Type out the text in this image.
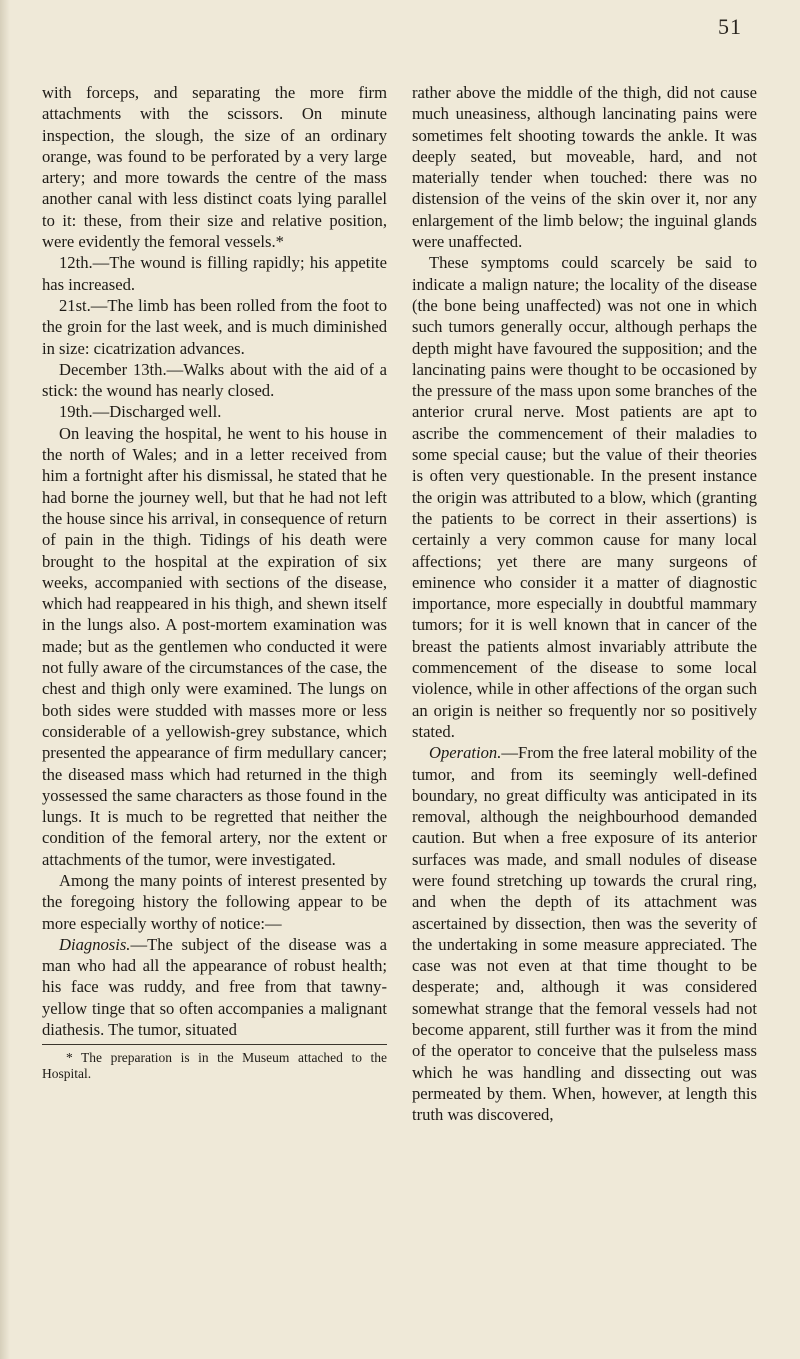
51

with forceps, and separating the more firm attachments with the scissors. On minute inspection, the slough, the size of an ordinary orange, was found to be perforated by a very large artery; and more towards the centre of the mass another canal with less distinct coats lying parallel to it: these, from their size and relative position, were evidently the femoral vessels.*

12th.—The wound is filling rapidly; his appetite has increased.

21st.—The limb has been rolled from the foot to the groin for the last week, and is much diminished in size: cicatrization advances.

December 13th.—Walks about with the aid of a stick: the wound has nearly closed.

19th.—Discharged well.

On leaving the hospital, he went to his house in the north of Wales; and in a letter received from him a fortnight after his dismissal, he stated that he had borne the journey well, but that he had not left the house since his arrival, in consequence of return of pain in the thigh. Tidings of his death were brought to the hospital at the expiration of six weeks, accompanied with sections of the disease, which had reappeared in his thigh, and shewn itself in the lungs also. A post-mortem examination was made; but as the gentlemen who conducted it were not fully aware of the circumstances of the case, the chest and thigh only were examined. The lungs on both sides were studded with masses more or less considerable of a yellowish-grey substance, which presented the appearance of firm medullary cancer; the diseased mass which had returned in the thigh yossessed the same characters as those found in the lungs. It is much to be regretted that neither the condition of the femoral artery, nor the extent or attachments of the tumor, were investigated.

Among the many points of interest presented by the foregoing history the following appear to be more especially worthy of notice:—

Diagnosis.—The subject of the disease was a man who had all the appearance of robust health; his face was ruddy, and free from that tawny-yellow tinge that so often accompanies a malignant diathesis. The tumor, situated

* The preparation is in the Museum attached to the Hospital.

rather above the middle of the thigh, did not cause much uneasiness, although lancinating pains were sometimes felt shooting towards the ankle. It was deeply seated, but moveable, hard, and not materially tender when touched: there was no distension of the veins of the skin over it, nor any enlargement of the limb below; the inguinal glands were unaffected.

These symptoms could scarcely be said to indicate a malign nature; the locality of the disease (the bone being unaffected) was not one in which such tumors generally occur, although perhaps the depth might have favoured the supposition; and the lancinating pains were thought to be occasioned by the pressure of the mass upon some branches of the anterior crural nerve. Most patients are apt to ascribe the commencement of their maladies to some special cause; but the value of their theories is often very questionable. In the present instance the origin was attributed to a blow, which (granting the patients to be correct in their assertions) is certainly a very common cause for many local affections; yet there are many surgeons of eminence who consider it a matter of diagnostic importance, more especially in doubtful mammary tumors; for it is well known that in cancer of the breast the patients almost invariably attribute the commencement of the disease to some local violence, while in other affections of the organ such an origin is neither so frequently nor so positively stated.

Operation.—From the free lateral mobility of the tumor, and from its seemingly well-defined boundary, no great difficulty was anticipated in its removal, although the neighbourhood demanded caution. But when a free exposure of its anterior surfaces was made, and small nodules of disease were found stretching up towards the crural ring, and when the depth of its attachment was ascertained by dissection, then was the severity of the undertaking in some measure appreciated. The case was not even at that time thought to be desperate; and, although it was considered somewhat strange that the femoral vessels had not become apparent, still further was it from the mind of the operator to conceive that the pulseless mass which he was handling and dissecting out was permeated by them. When, however, at length this truth was discovered,
